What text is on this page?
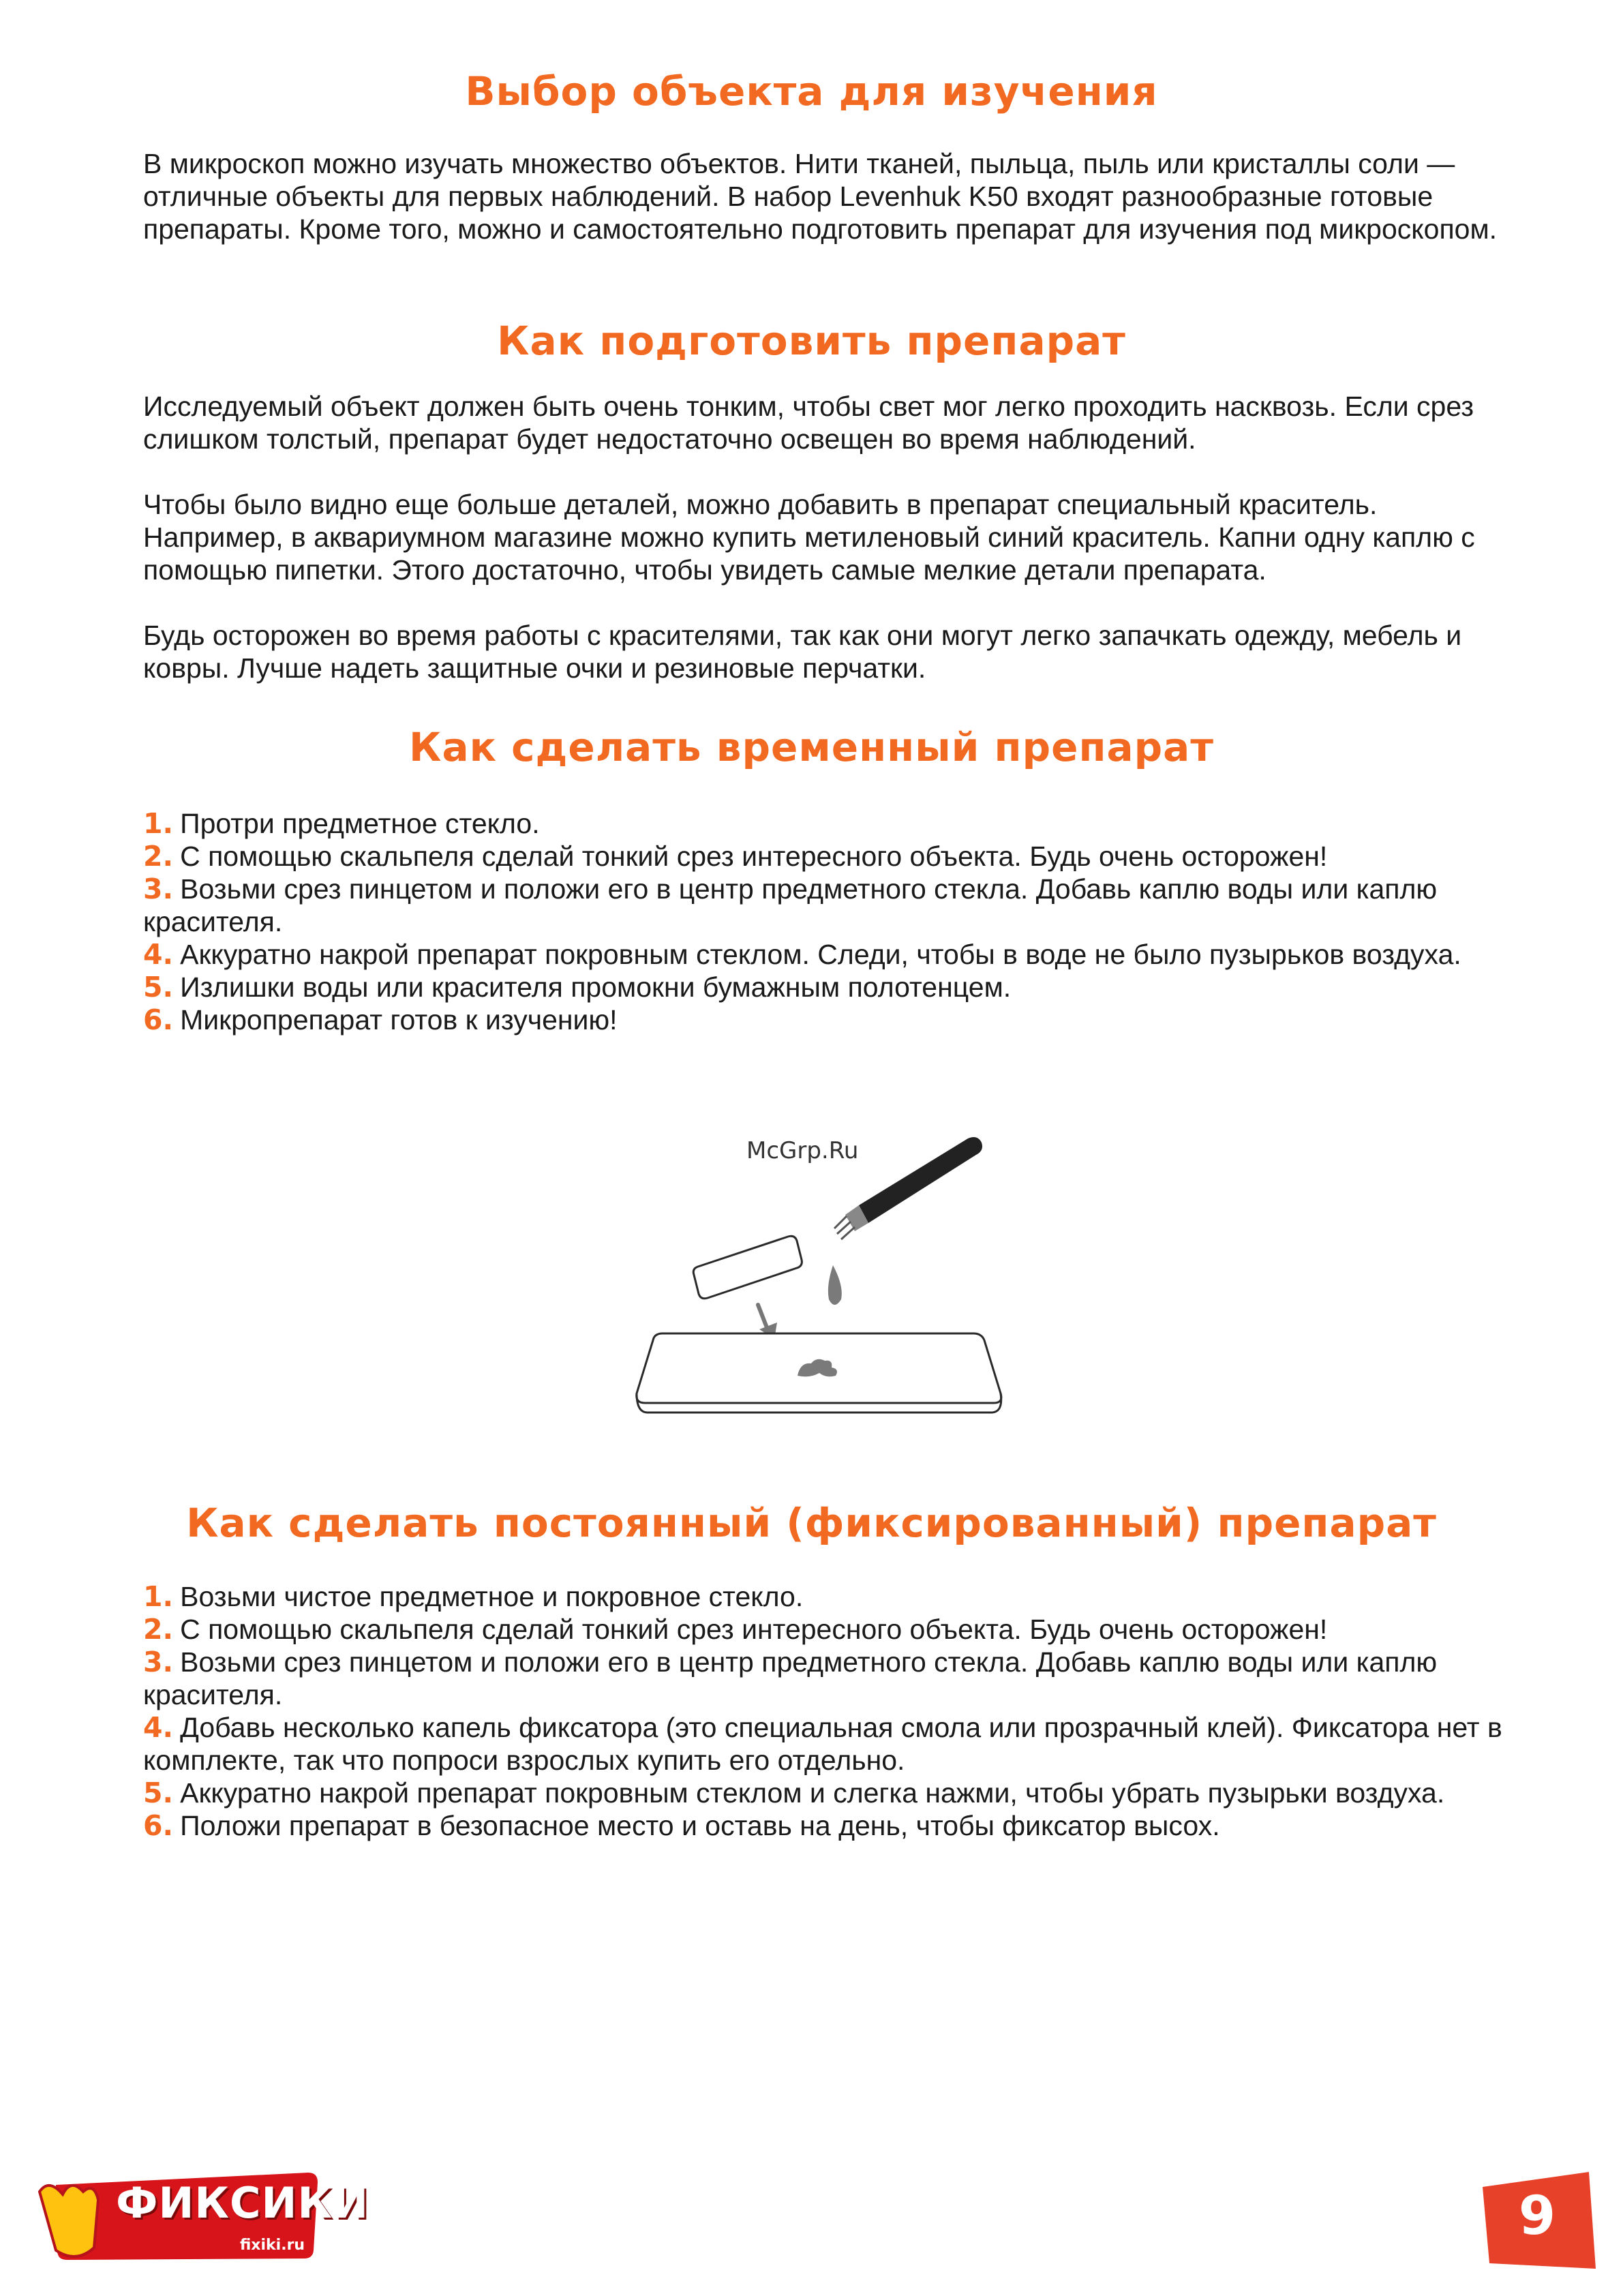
Выбор объекта для изучения

В микроскоп можно изучать множество объектов. Нити тканей, пыльца, пыль или кристаллы соли — отличные объекты для первых наблюдений. В набор Levenhuk K50 входят разнообразные готовые препараты. Кроме того, можно и самостоятельно подготовить препарат для изучения под микроскопом.

Как подготовить препарат

Исследуемый объект должен быть очень тонким, чтобы свет мог легко проходить насквозь. Если срез слишком толстый, препарат будет недостаточно освещен во время наблюдений.

Чтобы было видно еще больше деталей, можно добавить в препарат специальный краситель. Например, в аквариумном магазине можно купить метиленовый синий краситель. Капни одну каплю с помощью пипетки. Этого достаточно, чтобы увидеть самые мелкие детали препарата.

Будь осторожен во время работы с красителями, так как они могут легко запачкать одежду, мебель и ковры. Лучше надеть защитные очки и резиновые перчатки.

Как сделать временный препарат
1. Протри предметное стекло.
2. С помощью скальпеля сделай тонкий срез интересного объекта. Будь очень осторожен!
3. Возьми срез пинцетом и положи его в центр предметного стекла. Добавь каплю воды или каплю красителя.
4. Аккуратно накрой препарат покровным стеклом. Следи, чтобы в воде не было пузырьков воздуха.
5. Излишки воды или красителя промокни бумажным полотенцем.
6. Микропрепарат готов к изучению!
McGrp.Ru
Как сделать постоянный (фиксированный) препарат
1. Возьми чистое предметное и покровное стекло.
2. С помощью скальпеля сделай тонкий срез интересного объекта. Будь очень осторожен!
3. Возьми срез пинцетом и положи его в центр предметного стекла. Добавь каплю воды или каплю красителя.
4. Добавь несколько капель фиксатора (это специальная смола или прозрачный клей). Фиксатора нет в комплекте, так что попроси взрослых купить его отдельно.
5. Аккуратно накрой препарат покровным стеклом и слегка нажми, чтобы убрать пузырьки воздуха.
6. Положи препарат в безопасное место и оставь на день, чтобы фиксатор высох.
ФИКСИКИ
fixiki.ru	9
